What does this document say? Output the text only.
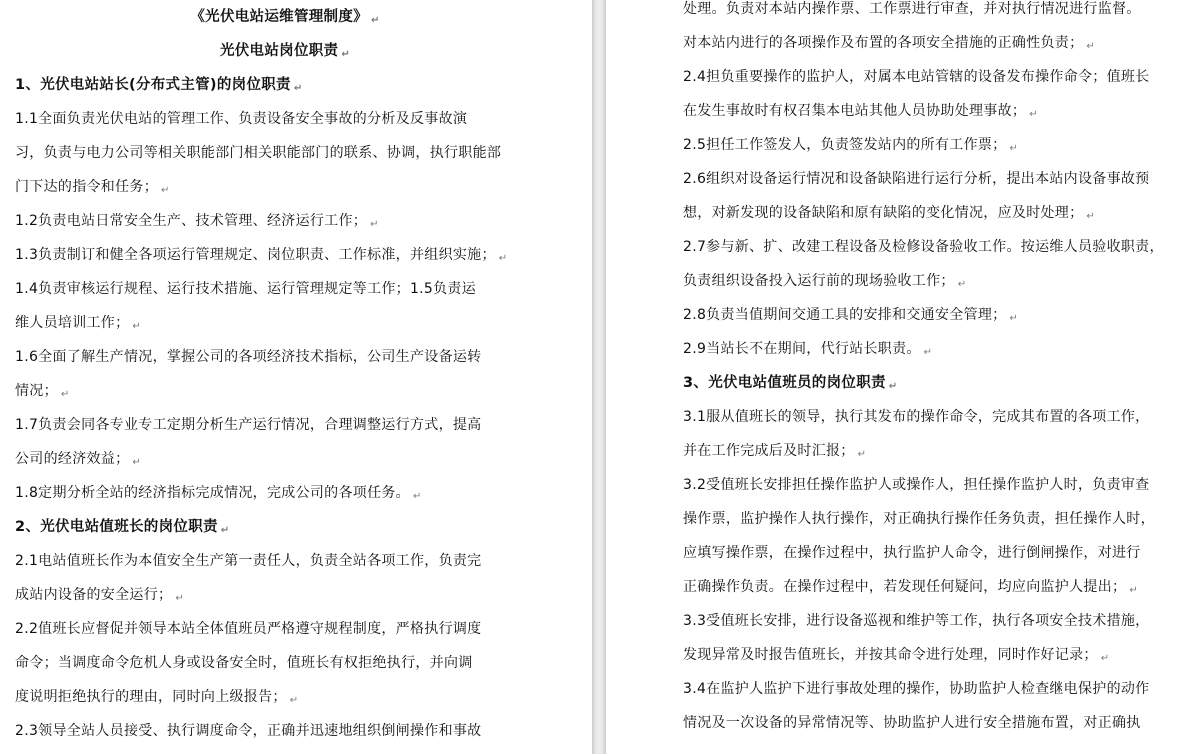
《光伏电站运维管理制度》 ↵
光伏电站岗位职责 ↵
1、光伏电站站长(分布式主管)的岗位职责 ↵
1.1全面负责光伏电站的管理工作、负责设备安全事故的分析及反事故演
习，负责与电力公司等相关职能部门相关职能部门的联系、协调，执行职能部
门下达的指令和任务； ↵
1.2负责电站日常安全生产、技术管理、经济运行工作； ↵
1.3负责制订和健全各项运行管理规定、岗位职责、工作标准，并组织实施； ↵
1.4负责审核运行规程、运行技术措施、运行管理规定等工作；1.5负责运
维人员培训工作； ↵
1.6全面了解生产情况，掌握公司的各项经济技术指标，公司生产设备运转
情况； ↵
1.7负责会同各专业专工定期分析生产运行情况，合理调整运行方式，提高
公司的经济效益； ↵
1.8定期分析全站的经济指标完成情况，完成公司的各项任务。 ↵
2、光伏电站值班长的岗位职责 ↵
2.1电站值班长作为本值安全生产第一责任人，负责全站各项工作，负责完
成站内设备的安全运行； ↵
2.2值班长应督促并领导本站全体值班员严格遵守规程制度，严格执行调度
命令；当调度命令危机人身或设备安全时，值班长有权拒绝执行，并向调
度说明拒绝执行的理由，同时向上级报告； ↵
2.3领导全站人员接受、执行调度命令，正确并迅速地组织倒闸操作和事故
处理。负责对本站内操作票、工作票进行审查，并对执行情况进行监督。
对本站内进行的各项操作及布置的各项安全措施的正确性负责； ↵
2.4担负重要操作的监护人，对属本电站管辖的设备发布操作命令；值班长
在发生事故时有权召集本电站其他人员协助处理事故； ↵
2.5担任工作签发人，负责签发站内的所有工作票； ↵
2.6组织对设备运行情况和设备缺陷进行运行分析，提出本站内设备事故预
想，对新发现的设备缺陷和原有缺陷的变化情况，应及时处理； ↵
2.7参与新、扩、改建工程设备及检修设备验收工作。按运维人员验收职责，
负责组织设备投入运行前的现场验收工作； ↵
2.8负责当值期间交通工具的安排和交通安全管理； ↵
2.9当站长不在期间，代行站长职责。 ↵
3、光伏电站值班员的岗位职责 ↵
3.1服从值班长的领导，执行其发布的操作命令，完成其布置的各项工作，
并在工作完成后及时汇报； ↵
3.2受值班长安排担任操作监护人或操作人，担任操作监护人时，负责审查
操作票，监护操作人执行操作，对正确执行操作任务负责，担任操作人时，
应填写操作票，在操作过程中，执行监护人命令，进行倒闸操作，对进行
正确操作负责。在操作过程中，若发现任何疑问，均应向监护人提出； ↵
3.3受值班长安排，进行设备巡视和维护等工作，执行各项安全技术措施，
发现异常及时报告值班长，并按其命令进行处理，同时作好记录； ↵
3.4在监护人监护下进行事故处理的操作，协助监护人检查继电保护的动作
情况及一次设备的异常情况等、协助监护人进行安全措施布置，对正确执
